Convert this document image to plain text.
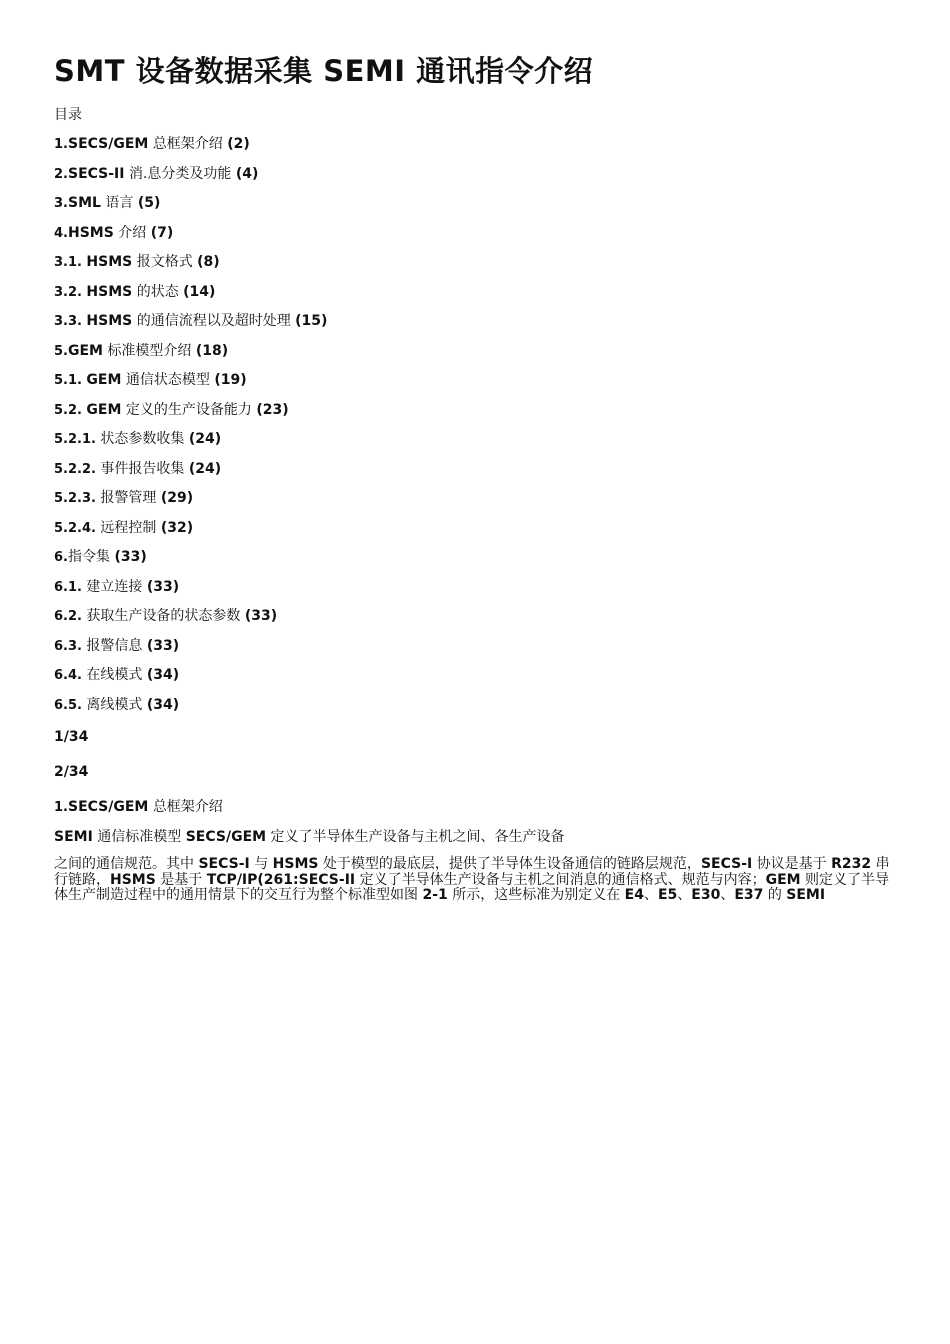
SMT 设备数据采集 SEMI 通讯指令介绍
目录
1.SECS/GEM 总框架介绍 (2)
2.SECS-II 消.息分类及功能 (4)
3.SML 语言 (5)
4.HSMS 介绍 (7)
3.1. HSMS 报文格式 (8)
3.2. HSMS 的状态 (14)
3.3. HSMS 的通信流程以及超时处理 (15)
5.GEM 标准模型介绍 (18)
5.1. GEM 通信状态模型 (19)
5.2. GEM 定义的生产设备能力 (23)
5.2.1. 状态参数收集 (24)
5.2.2. 事件报告收集 (24)
5.2.3. 报警管理 (29)
5.2.4. 远程控制 (32)
6.指令集 (33)
6.1. 建立连接 (33)
6.2. 获取生产设备的状态参数 (33)
6.3. 报警信息 (33)
6.4. 在线模式 (34)
6.5. 离线模式 (34)
1/34
2/34
1.SECS/GEM 总框架介绍
SEMI 通信标准模型 SECS/GEM 定义了半导体生产设备与主机之间、各生产设备
之间的通信规范。其中 SECS-I 与 HSMS 处于模型的最底层，提供了半导体生设备通信的链路层规范，SECS-I 协议是基于 R232 串行链路，HSMS 是基于 TCP/IP(261:SECS-II 定义了半导体生产设备与主机之间消息的通信格式、规范与内容；GEM 则定义了半导体生产制造过程中的通用情景下的交互行为整个标准型如图 2-1 所示，这些标准为别定义在 E4、E5、E30、E37 的 SEMI
